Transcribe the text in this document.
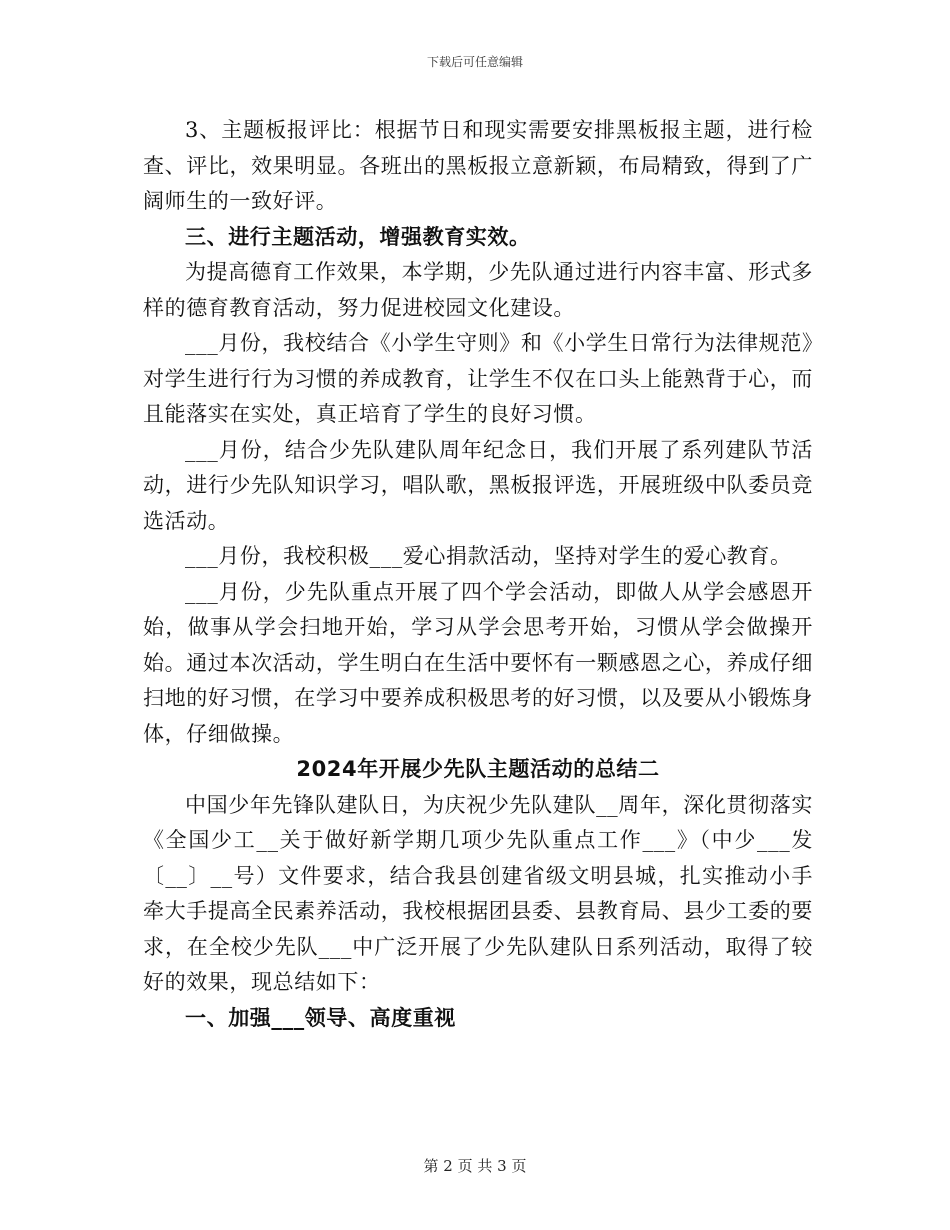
下载后可任意编辑

3、主题板报评比：根据节日和现实需要安排黑板报主题，进行检查、评比，效果明显。各班出的黑板报立意新颖，布局精致，得到了广阔师生的一致好评。

三、进行主题活动，增强教育实效。

为提高德育工作效果，本学期，少先队通过进行内容丰富、形式多样的德育教育活动，努力促进校园文化建设。

___月份，我校结合《小学生守则》和《小学生日常行为法律规范》对学生进行行为习惯的养成教育，让学生不仅在口头上能熟背于心，而且能落实在实处，真正培育了学生的良好习惯。

___月份，结合少先队建队周年纪念日，我们开展了系列建队节活动，进行少先队知识学习，唱队歌，黑板报评选，开展班级中队委员竞选活动。

___月份，我校积极___爱心捐款活动，坚持对学生的爱心教育。

___月份，少先队重点开展了四个学会活动，即做人从学会感恩开始，做事从学会扫地开始，学习从学会思考开始，习惯从学会做操开始。通过本次活动，学生明白在生活中要怀有一颗感恩之心，养成仔细扫地的好习惯，在学习中要养成积极思考的好习惯，以及要从小锻炼身体，仔细做操。

2024年开展少先队主题活动的总结二

中国少年先锋队建队日，为庆祝少先队建队__周年，深化贯彻落实《全国少工__关于做好新学期几项少先队重点工作___》（中少___发〔__〕__号）文件要求，结合我县创建省级文明县城，扎实推动小手牵大手提高全民素养活动，我校根据团县委、县教育局、县少工委的要求，在全校少先队___中广泛开展了少先队建队日系列活动，取得了较好的效果，现总结如下：

一、加强___领导、高度重视

第 2 页 共 3 页
